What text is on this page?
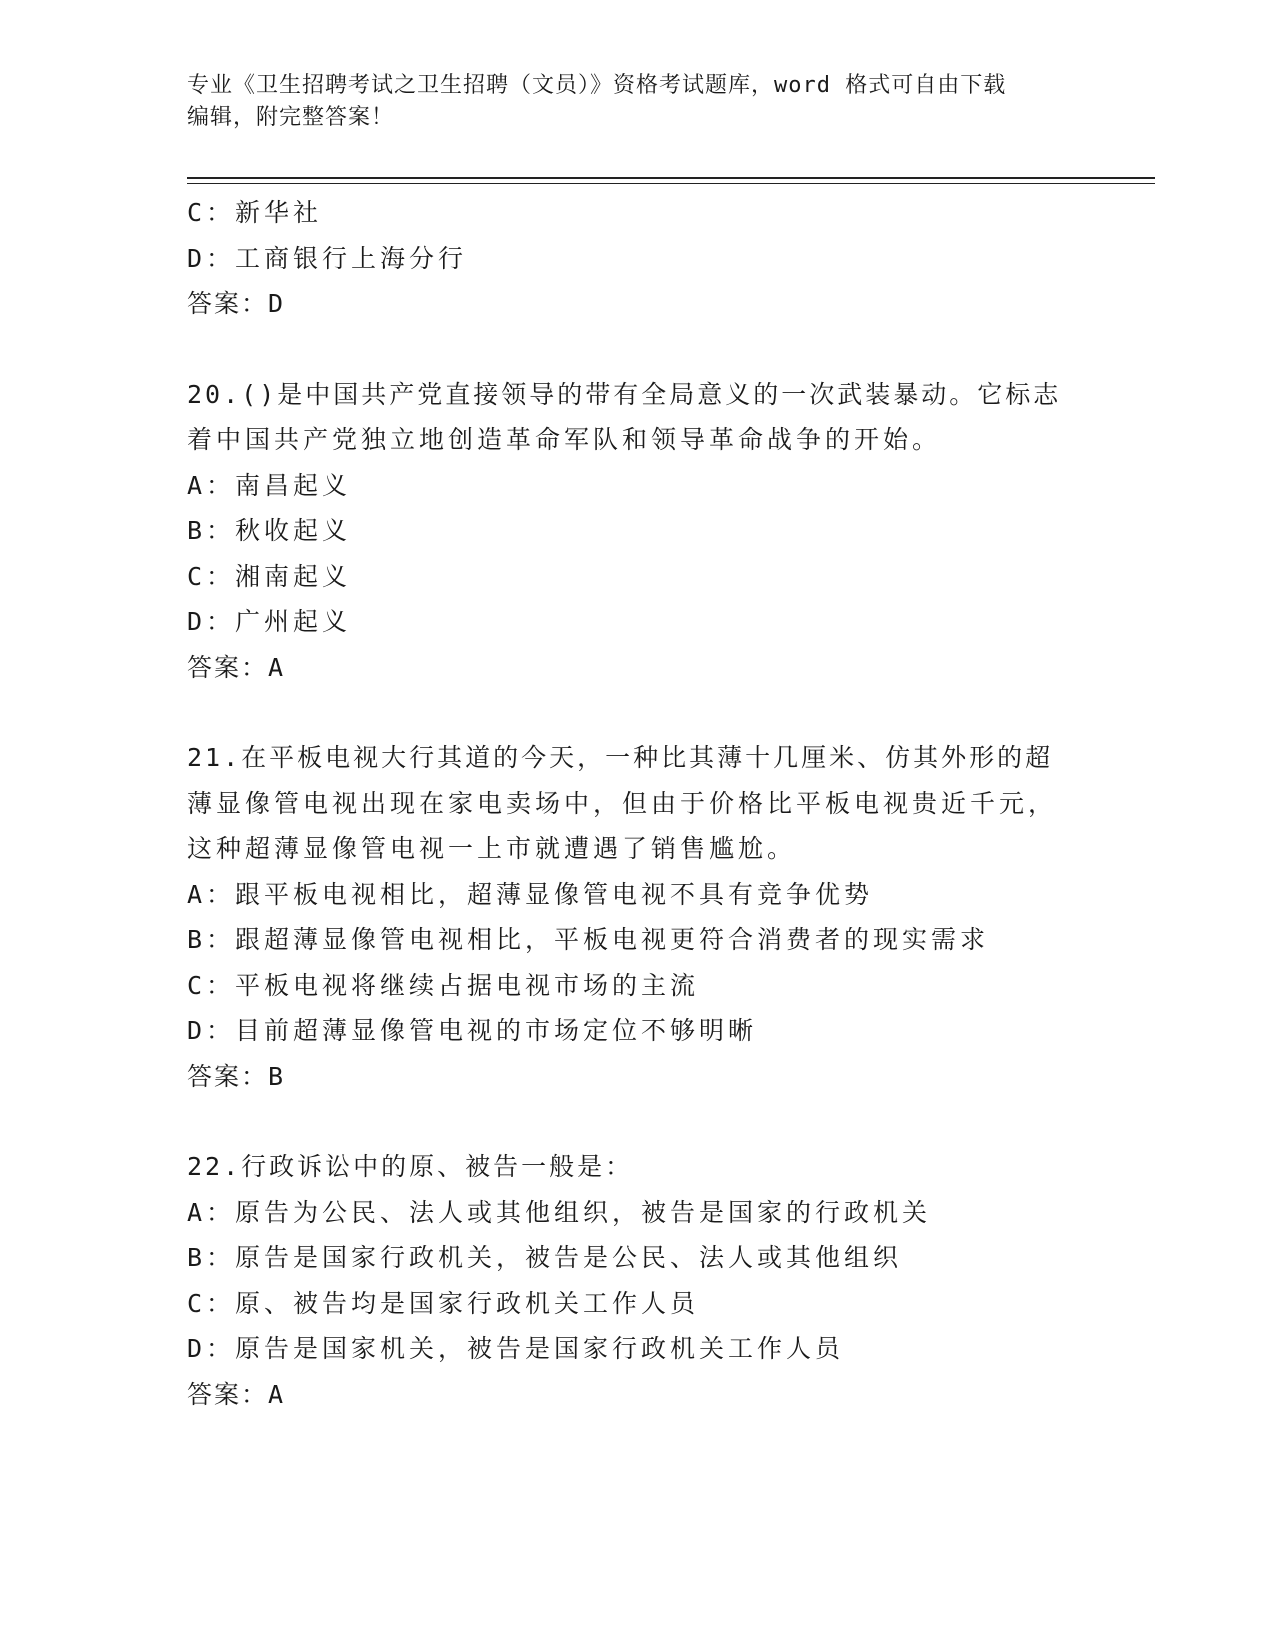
专业《卫生招聘考试之卫生招聘（文员）》资格考试题库，word 格式可自由下载
编辑，附完整答案！
C：新华社
D：工商银行上海分行
答案：D
20.()是中国共产党直接领导的带有全局意义的一次武装暴动。它标志
着中国共产党独立地创造革命军队和领导革命战争的开始。
A：南昌起义
B：秋收起义
C：湘南起义
D：广州起义
答案：A
21.在平板电视大行其道的今天，一种比其薄十几厘米、仿其外形的超
薄显像管电视出现在家电卖场中，但由于价格比平板电视贵近千元，
这种超薄显像管电视一上市就遭遇了销售尴尬。
A：跟平板电视相比，超薄显像管电视不具有竞争优势
B：跟超薄显像管电视相比，平板电视更符合消费者的现实需求
C：平板电视将继续占据电视市场的主流
D：目前超薄显像管电视的市场定位不够明晰
答案：B
22.行政诉讼中的原、被告一般是：
A：原告为公民、法人或其他组织，被告是国家的行政机关
B：原告是国家行政机关，被告是公民、法人或其他组织
C：原、被告均是国家行政机关工作人员
D：原告是国家机关，被告是国家行政机关工作人员
答案：A
